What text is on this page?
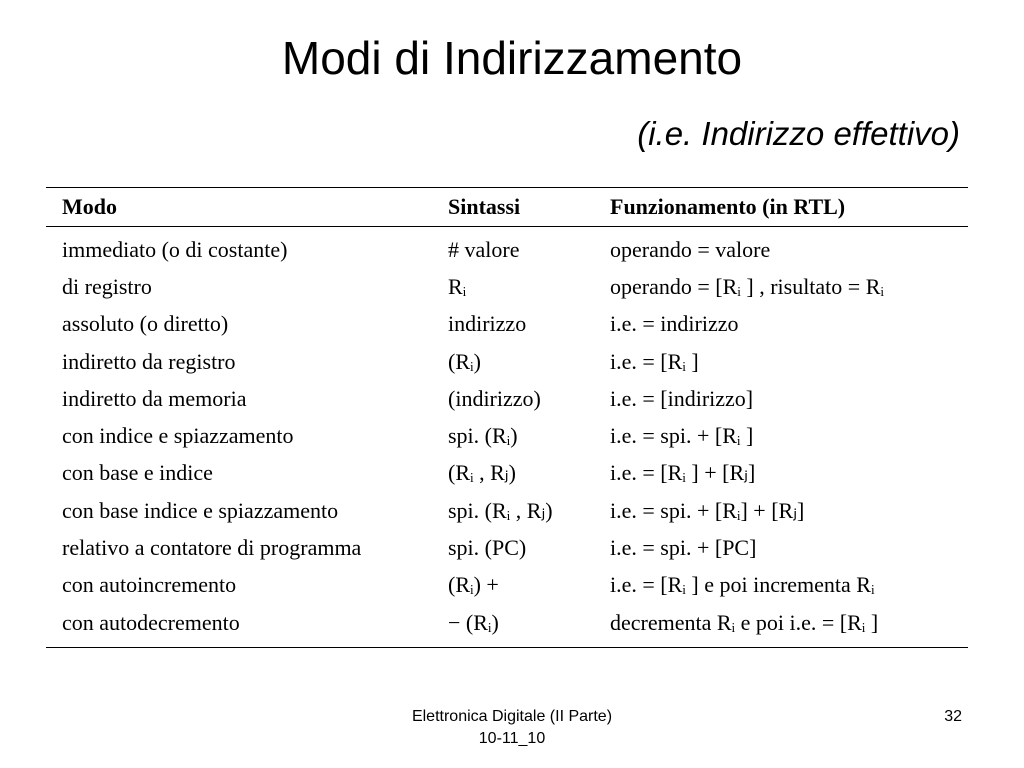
Modi di Indirizzamento
(i.e. Indirizzo effettivo)
Modo	Sintassi	Funzionamento (in RTL)
immediato (o di costante)	# valore	operando = valore
di registro	Rᵢ	operando = [Rᵢ ] , risultato = Rᵢ
assoluto (o diretto)	indirizzo	i.e. = indirizzo
indiretto da registro	(Rᵢ)	i.e. = [Rᵢ ]
indiretto da memoria	(indirizzo)	i.e. = [indirizzo]
con indice e spiazzamento	spi. (Rᵢ)	i.e. = spi. + [Rᵢ ]
con base e indice	(Rᵢ , Rⱼ)	i.e. = [Rᵢ ] + [Rⱼ]
con base indice e spiazzamento	spi. (Rᵢ , Rⱼ)	i.e. = spi. + [Rᵢ] + [Rⱼ]
relativo a contatore di programma	spi. (PC)	i.e. = spi. + [PC]
con autoincremento	(Rᵢ) +	i.e. = [Rᵢ ] e poi incrementa Rᵢ
con autodecremento	− (Rᵢ)	decrementa Rᵢ e poi i.e. = [Rᵢ ]
Elettronica Digitale (II Parte)
10-11_10
32
